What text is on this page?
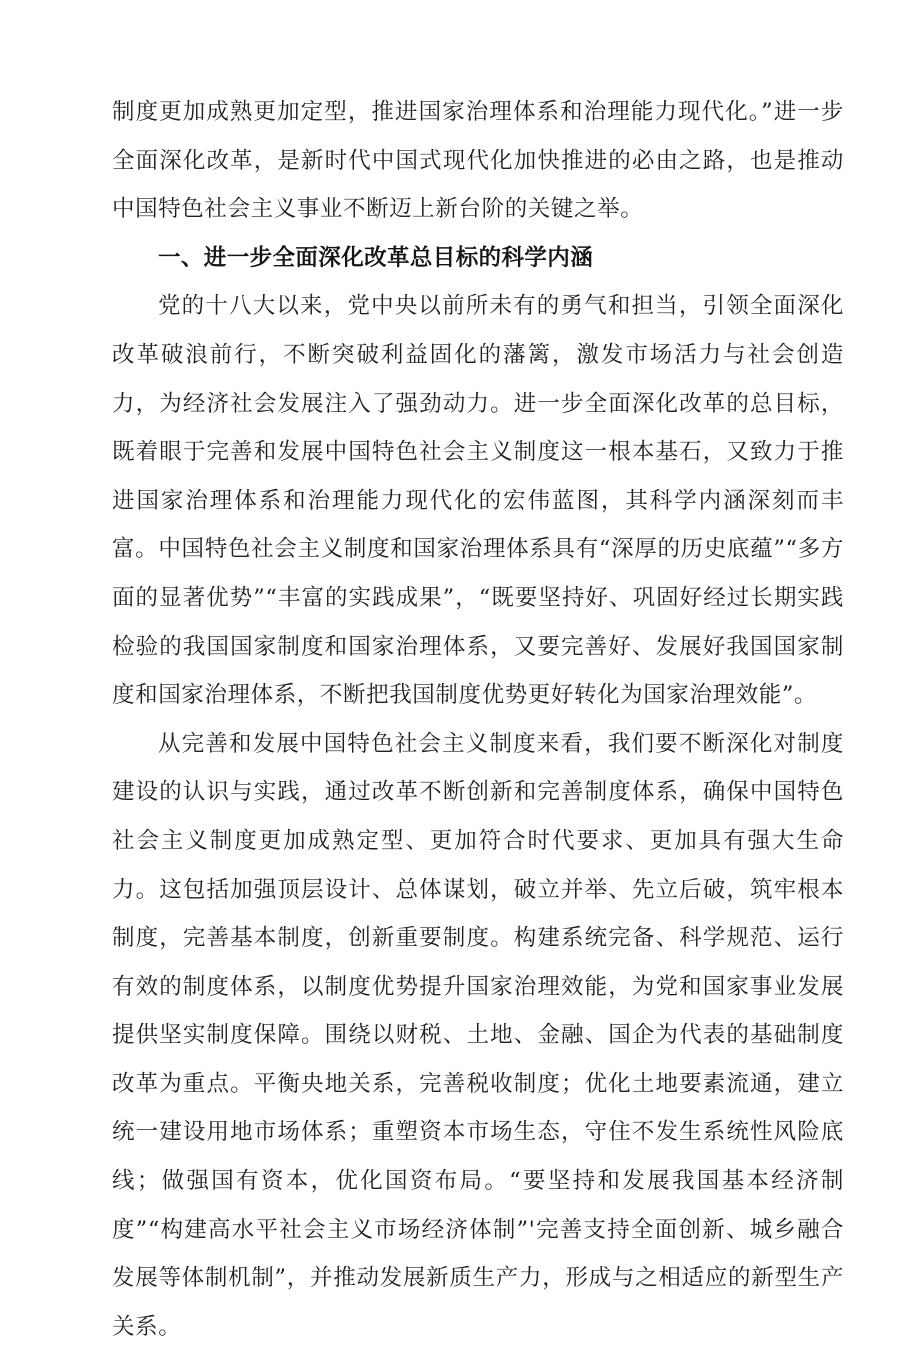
制度更加成熟更加定型，推进国家治理体系和治理能力现代化。”进一步全面深化改革，是新时代中国式现代化加快推进的必由之路，也是推动中国特色社会主义事业不断迈上新台阶的关键之举。

一、进一步全面深化改革总目标的科学内涵

党的十八大以来，党中央以前所未有的勇气和担当，引领全面深化改革破浪前行，不断突破利益固化的藩篱，激发市场活力与社会创造力，为经济社会发展注入了强劲动力。进一步全面深化改革的总目标，既着眼于完善和发展中国特色社会主义制度这一根本基石，又致力于推进国家治理体系和治理能力现代化的宏伟蓝图，其科学内涵深刻而丰富。中国特色社会主义制度和国家治理体系具有“深厚的历史底蕴”“多方面的显著优势”“丰富的实践成果”，“既要坚持好、巩固好经过长期实践检验的我国国家制度和国家治理体系，又要完善好、发展好我国国家制度和国家治理体系，不断把我国制度优势更好转化为国家治理效能”。

从完善和发展中国特色社会主义制度来看，我们要不断深化对制度建设的认识与实践，通过改革不断创新和完善制度体系，确保中国特色社会主义制度更加成熟定型、更加符合时代要求、更加具有强大生命力。这包括加强顶层设计、总体谋划，破立并举、先立后破，筑牢根本制度，完善基本制度，创新重要制度。构建系统完备、科学规范、运行有效的制度体系，以制度优势提升国家治理效能，为党和国家事业发展提供坚实制度保障。围绕以财税、土地、金融、国企为代表的基础制度改革为重点。平衡央地关系，完善税收制度；优化土地要素流通，建立统一建设用地市场体系；重塑资本市场生态，守住不发生系统性风险底线；做强国有资本，优化国资布局。“要坚持和发展我国基本经济制度”“构建高水平社会主义市场经济体制”'完善支持全面创新、城乡融合发展等体制机制”，并推动发展新质生产力，形成与之相适应的新型生产关系。
